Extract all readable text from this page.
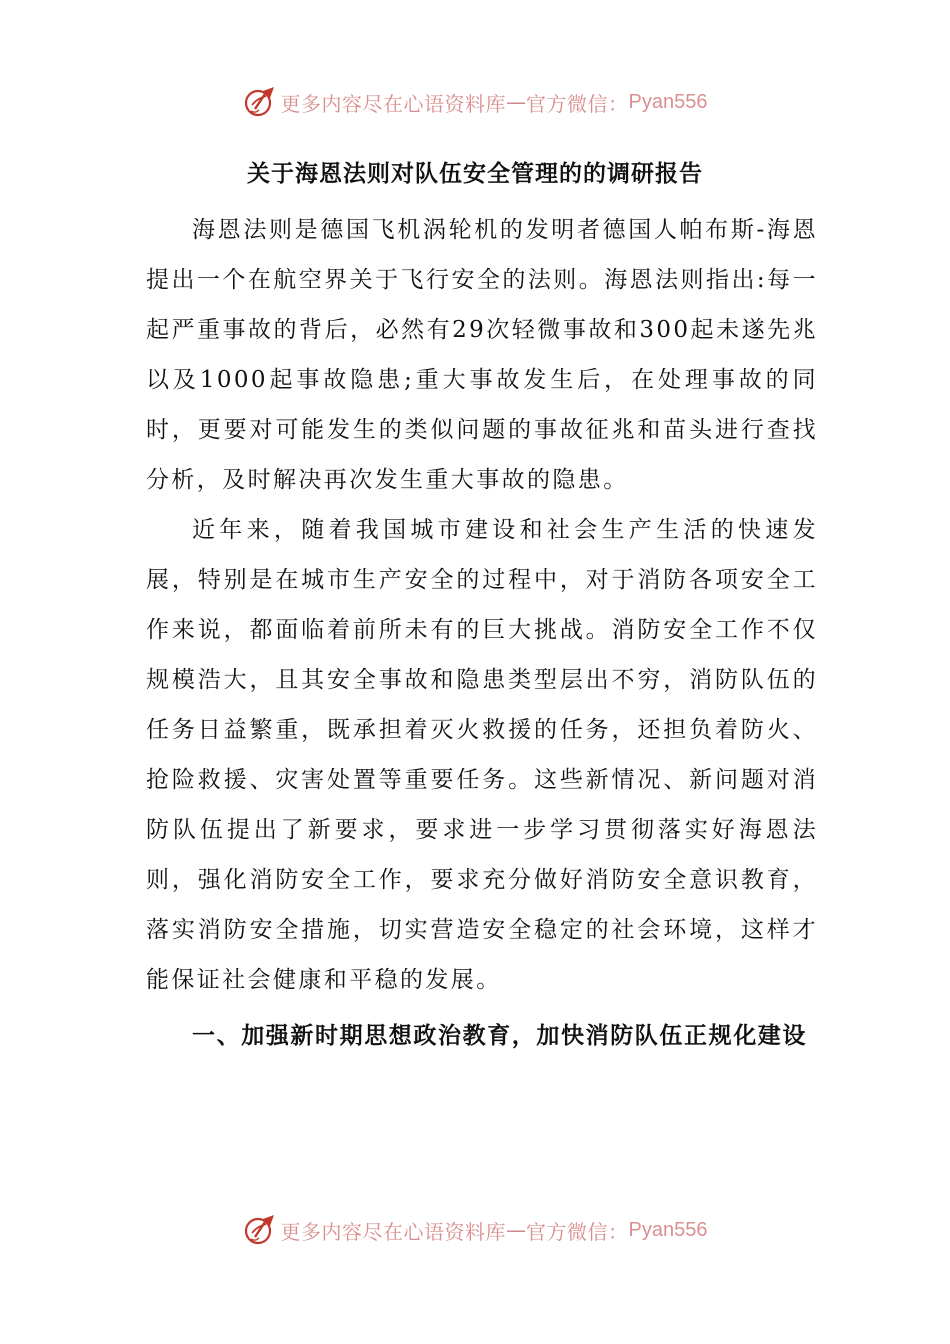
更多内容尽在心语资料库 — 官方微信： Pyan556
关于海恩法则对队伍安全管理的的调研报告

海恩法则是德国飞机涡轮机的发明者德国人帕布斯-海恩提出一个在航空界关于飞行安全的法则。海恩法则指出:每一起严重事故的背后，必然有29次轻微事故和300起未遂先兆以及1000起事故隐患;重大事故发生后，在处理事故的同时，更要对可能发生的类似问题的事故征兆和苗头进行查找分析，及时解决再次发生重大事故的隐患。

近年来，随着我国城市建设和社会生产生活的快速发展，特别是在城市生产安全的过程中，对于消防各项安全工作来说，都面临着前所未有的巨大挑战。消防安全工作不仅规模浩大，且其安全事故和隐患类型层出不穷，消防队伍的任务日益繁重，既承担着灭火救援的任务，还担负着防火、抢险救援、灾害处置等重要任务。这些新情况、新问题对消防队伍提出了新要求，要求进一步学习贯彻落实好海恩法则，强化消防安全工作，要求充分做好消防安全意识教育，落实消防安全措施，切实营造安全稳定的社会环境，这样才能保证社会健康和平稳的发展。

一、加强新时期思想政治教育，加快消防队伍正规化建设

更多内容尽在心语资料库 — 官方微信： Pyan556
